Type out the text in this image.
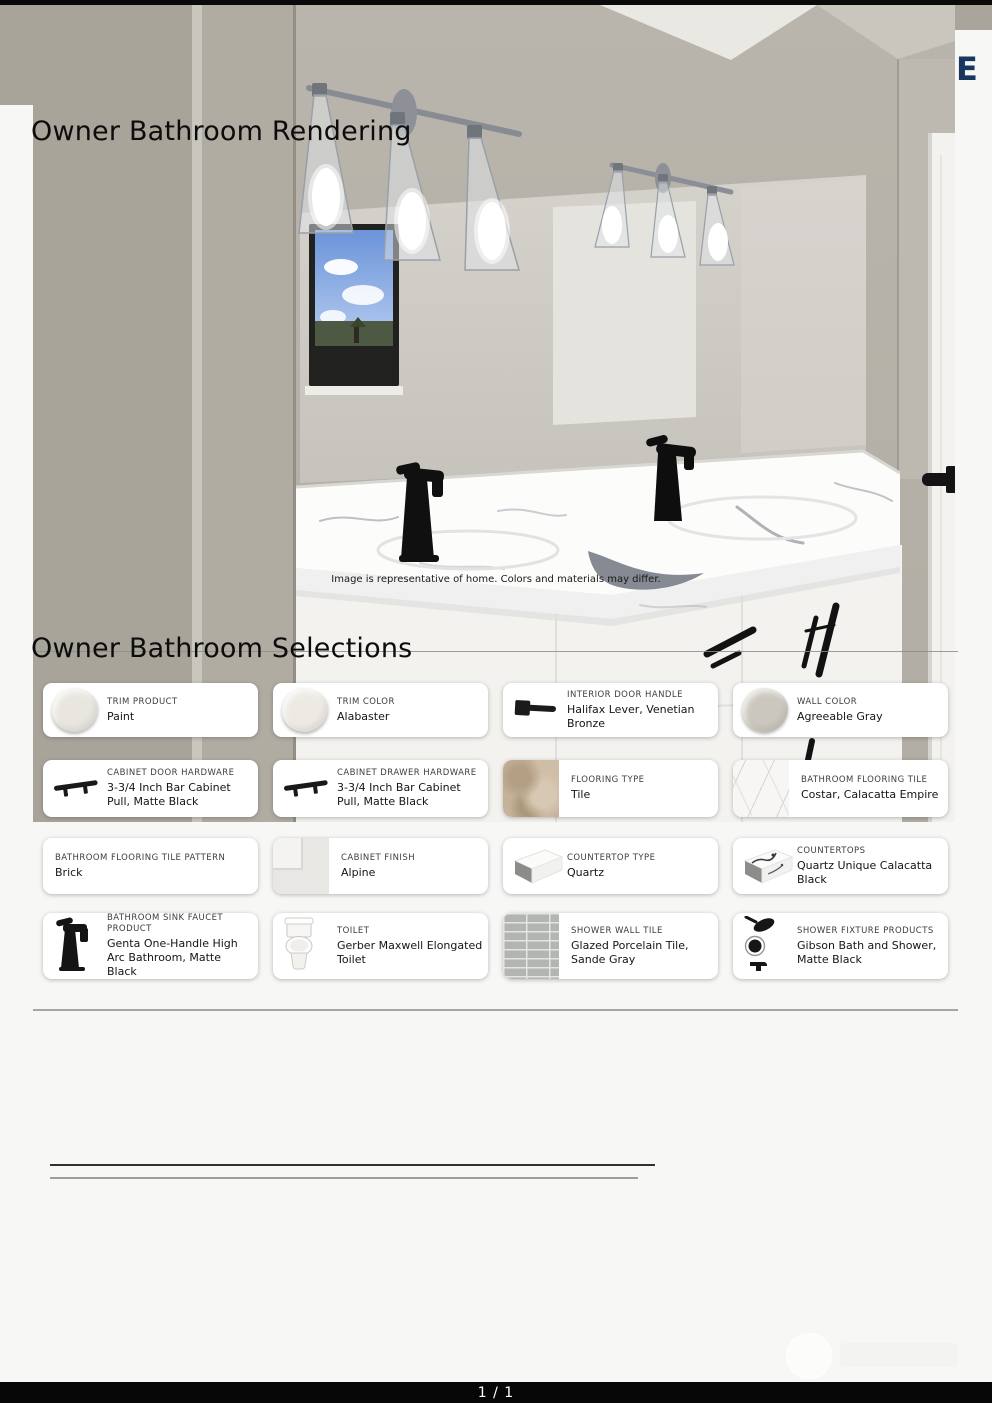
E
Owner Bathroom Rendering
Image is representative of home. Colors and materials may differ.
Owner Bathroom Selections
TRIM PRODUCT
Paint
TRIM COLOR
Alabaster
INTERIOR DOOR HANDLE
Halifax Lever, Venetian Bronze
WALL COLOR
Agreeable Gray
CABINET DOOR HARDWARE
3-3/4 Inch Bar Cabinet Pull, Matte Black
CABINET DRAWER HARDWARE
3-3/4 Inch Bar Cabinet Pull, Matte Black
FLOORING TYPE
Tile
BATHROOM FLOORING TILE
Costar, Calacatta Empire
BATHROOM FLOORING TILE PATTERN
Brick
CABINET FINISH
Alpine
COUNTERTOP TYPE
Quartz
COUNTERTOPS
Quartz Unique Calacatta Black
BATHROOM SINK FAUCET PRODUCT
Genta One-Handle High Arc Bathroom, Matte Black
TOILET
Gerber Maxwell Elongated Toilet
SHOWER WALL TILE
Glazed Porcelain Tile, Sande Gray
SHOWER FIXTURE PRODUCTS
Gibson Bath and Shower, Matte Black
1 / 1
